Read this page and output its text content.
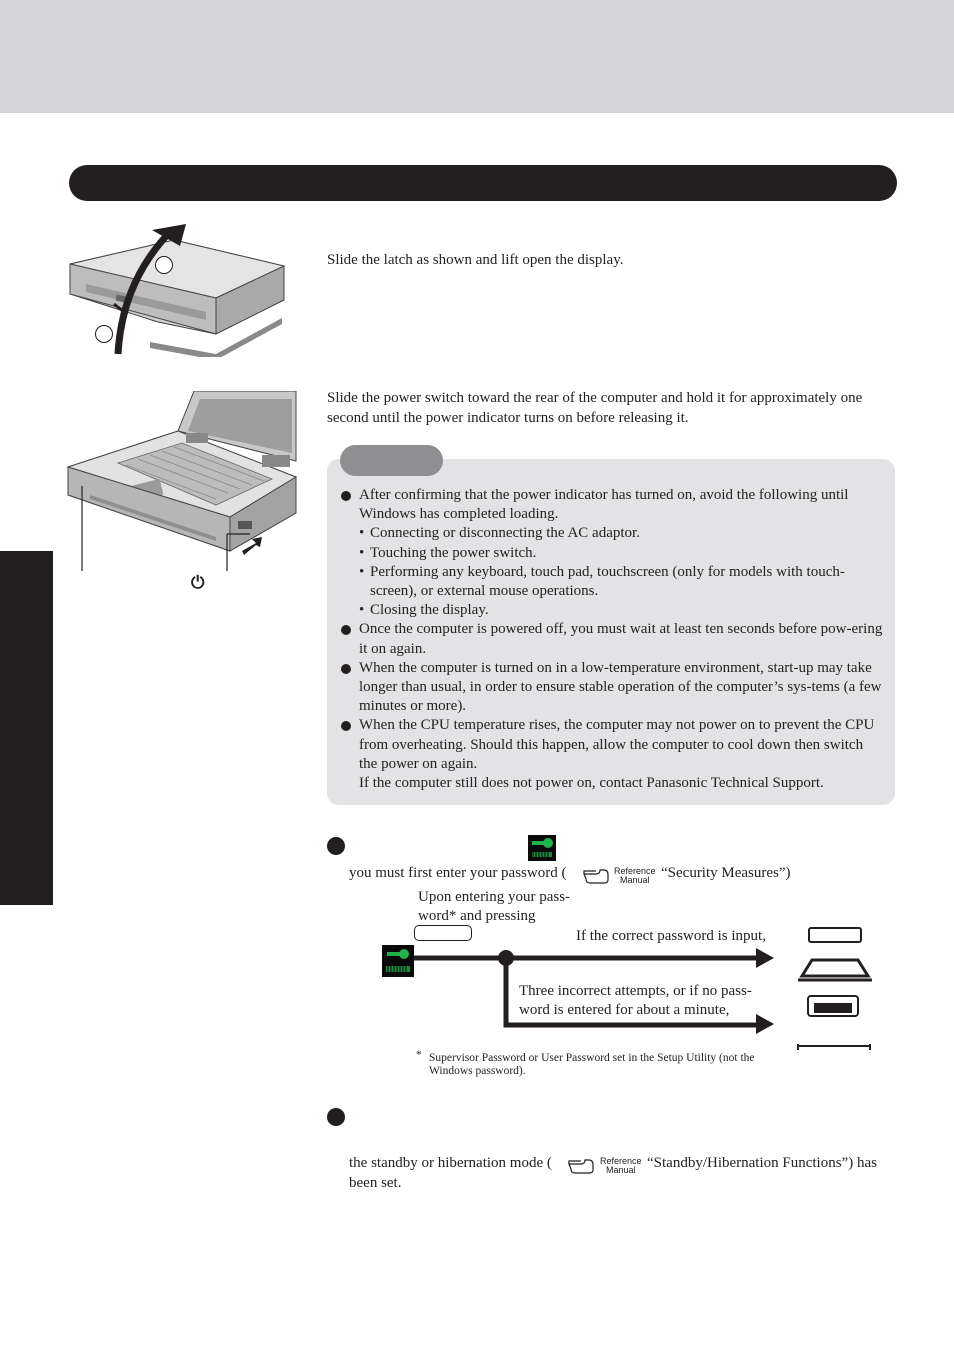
Slide the latch as shown and lift open the display.
⏻
Slide the power switch toward the rear of the computer and hold it for approximately one second until the power indicator turns on before releasing it.
After confirming that the power indicator has turned on, avoid the following until Windows has completed loading.
• Connecting or disconnecting the AC adaptor.
• Touching the power switch.
• Performing any keyboard, touch pad, touchscreen (only for models with touch-screen), or external mouse operations.
• Closing the display.
Once the computer is powered off, you must wait at least ten seconds before pow-ering it on again.
When the computer is turned on in a low-temperature environment, start-up may take longer than usual, in order to ensure stable operation of the computer’s sys-tems (a few minutes or more).
When the CPU temperature rises, the computer may not power on to prevent the CPU from overheating. Should this happen, allow the computer to cool down then switch the power on again.
If the computer still does not power on, contact Panasonic Technical Support.
you must first enter your password (	Reference
Manual “Security Measures”)
Upon entering your pass-word* and pressing
If the correct password is input,
Three incorrect attempts, or if no pass-word is entered for about a minute,
* Supervisor Password or User Password set in the Setup Utility (not the Windows password).
the standby or hibernation mode (	Reference
Manual “Standby/Hibernation Functions”) has been set.
